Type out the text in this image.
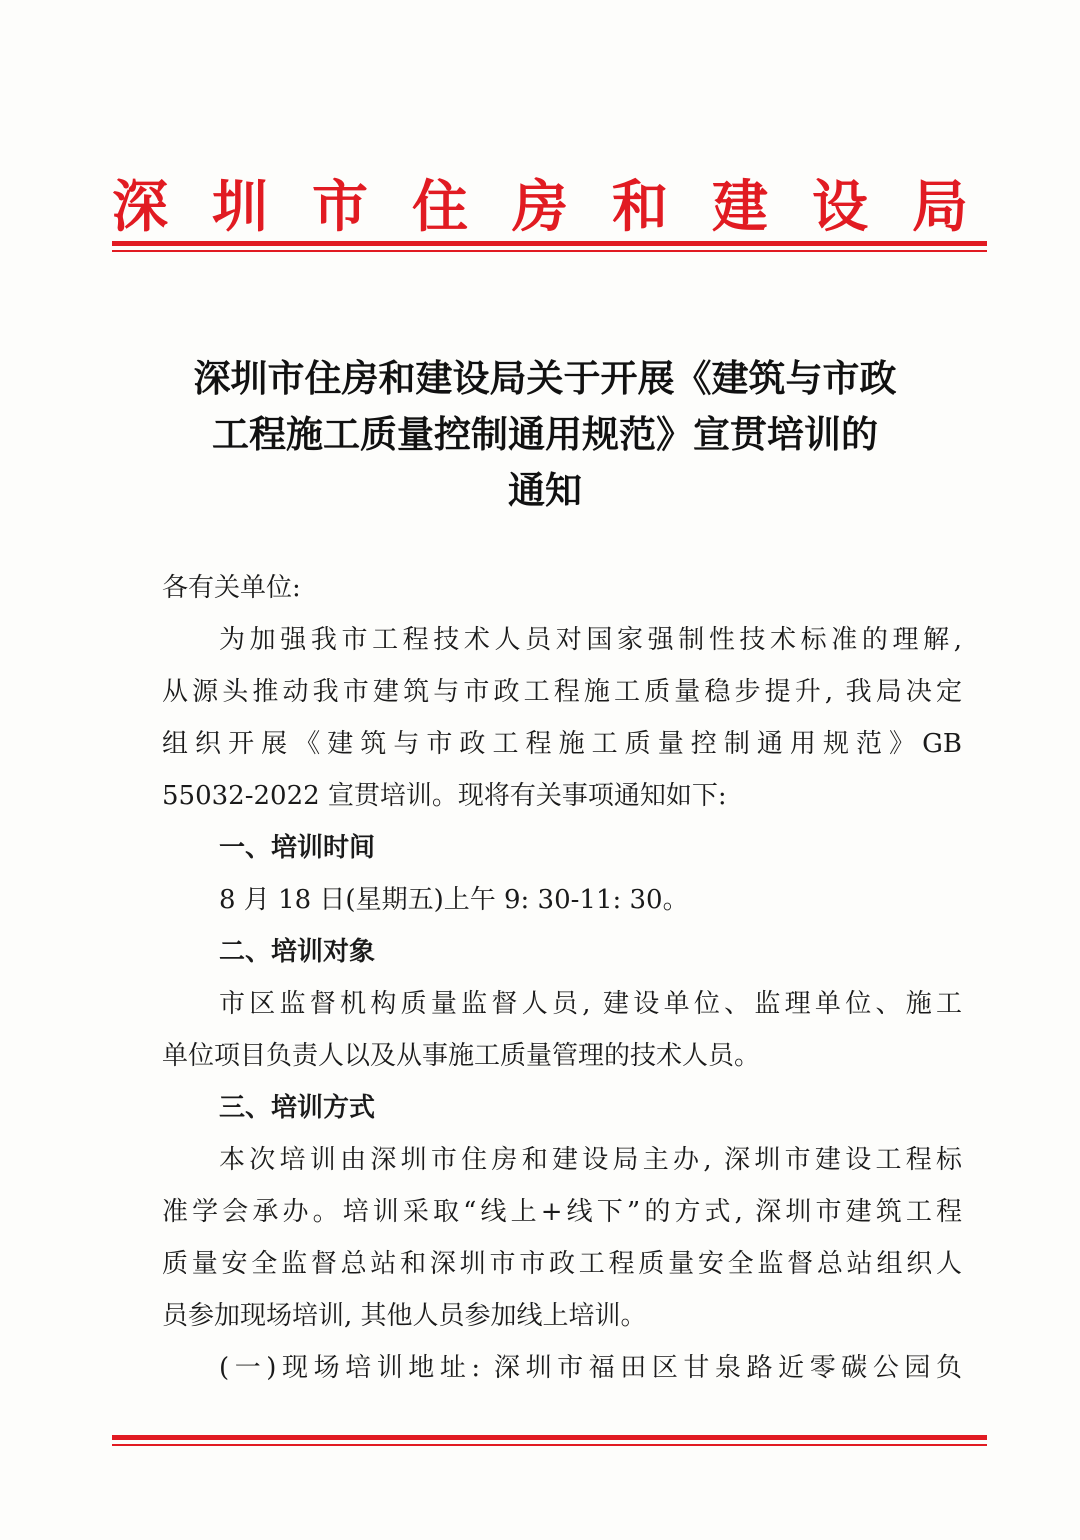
深 圳 市 住 房 和 建 设 局
深圳市住房和建设局关于开展《建筑与市政
工程施工质量控制通用规范》宣贯培训的
通知
各有关单位:
为加强我市工程技术人员对国家强制性技术标准的理解,
从源头推动我市建筑与市政工程施工质量稳步提升, 我局决定
组织开展《建筑与市政工程施工质量控制通用规范》GB
55032-2022 宣贯培训。现将有关事项通知如下:
一、培训时间
8 月 18 日(星期五)上午 9: 30-11: 30。
二、培训对象
市区监督机构质量监督人员, 建设单位、监理单位、施工
单位项目负责人以及从事施工质量管理的技术人员。
三、培训方式
本次培训由深圳市住房和建设局主办, 深圳市建设工程标
准学会承办。培训采取“线上+线下”的方式, 深圳市建筑工程
质量安全监督总站和深圳市市政工程质量安全监督总站组织人
员参加现场培训, 其他人员参加线上培训。
(一)现场培训地址: 深圳市福田区甘泉路近零碳公园负
